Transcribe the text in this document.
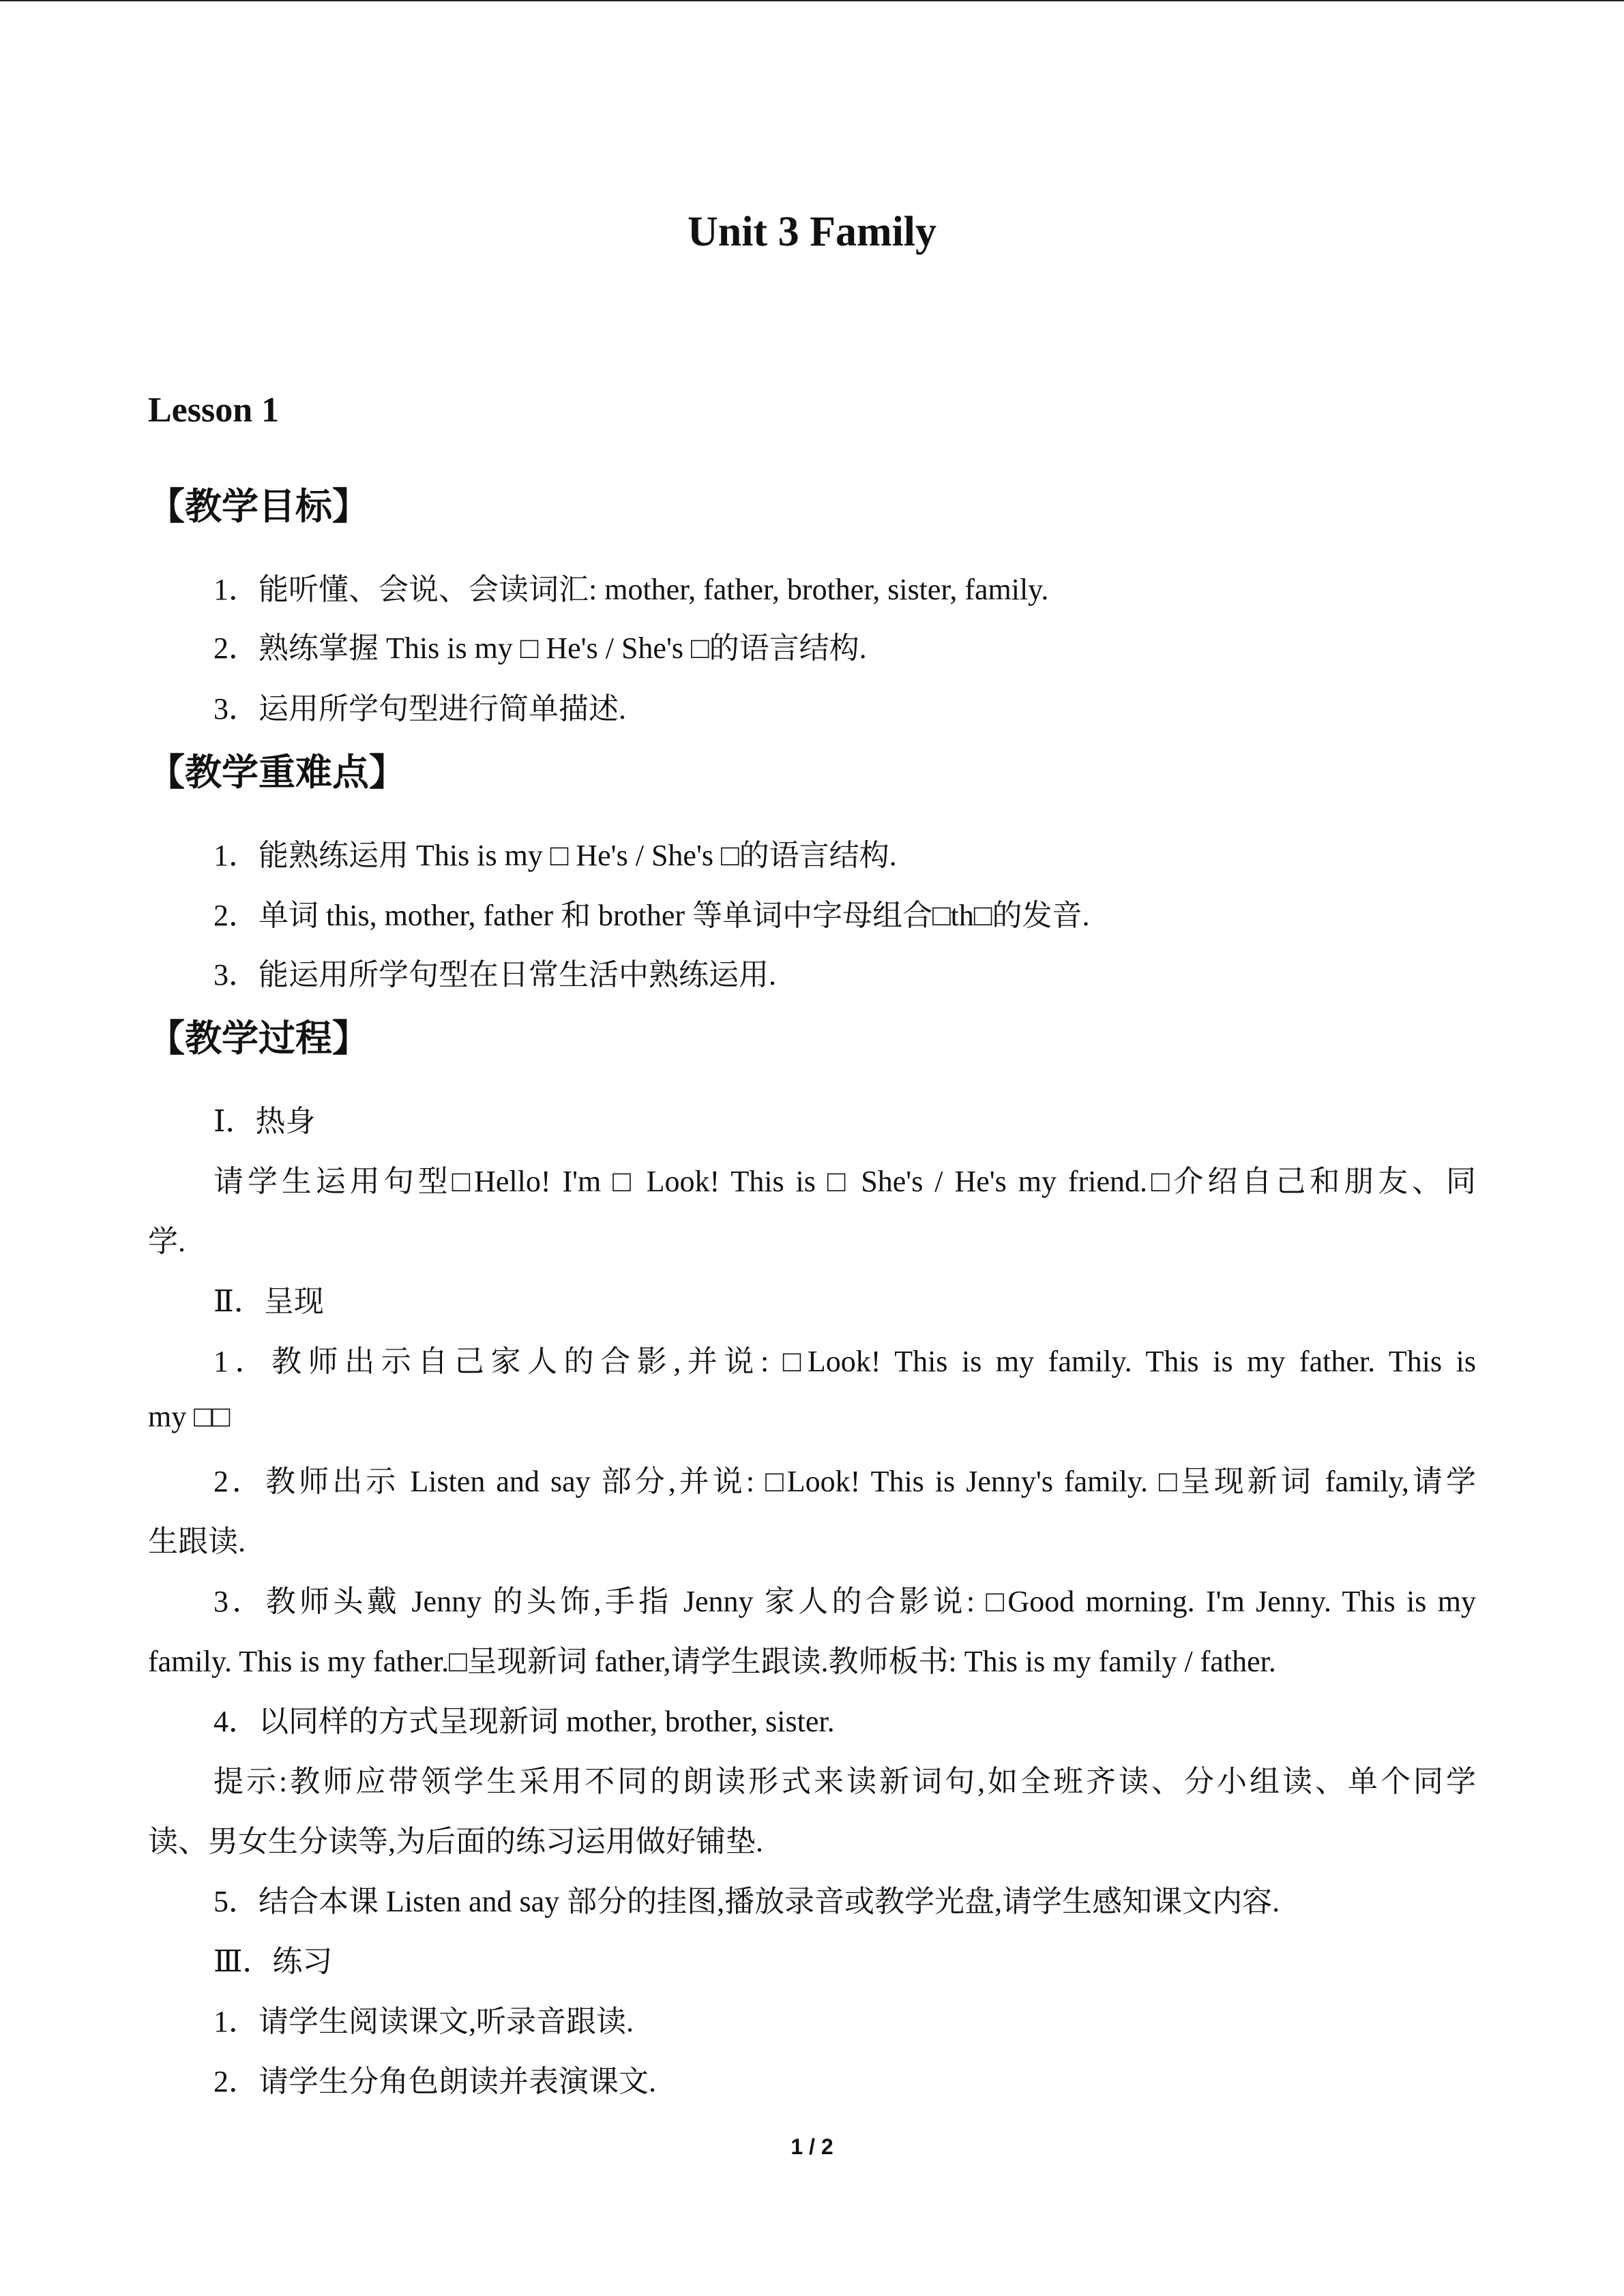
Unit 3 Family
Lesson 1
【教学目标】
1．能听懂、会说、会读词汇: mother, father, brother, sister, family.
2．熟练掌握 This is my □ He's / She's □的语言结构.
3．运用所学句型进行简单描述.
【教学重难点】
1．能熟练运用 This is my □ He's / She's □的语言结构.
2．单词 this, mother, father 和 brother 等单词中字母组合□th□的发音.
3．能运用所学句型在日常生活中熟练运用.
【教学过程】
Ⅰ．热身
请学生运用句型□Hello! I'm □ Look! This is □ She's / He's my friend.□介绍自己和朋友、同
学.
Ⅱ．呈现
1．教师出示自己家人的合影,并说: □Look! This is my family. This is my father. This is
my □□
2．教师出示 Listen and say 部分,并说: □Look! This is Jenny's family. □呈现新词 family,请学
生跟读.
3．教师头戴 Jenny 的头饰,手指 Jenny 家人的合影说: □Good morning. I'm Jenny. This is my
family. This is my father.□呈现新词 father,请学生跟读.教师板书: This is my family / father.
4．以同样的方式呈现新词 mother, brother, sister.
提示:教师应带领学生采用不同的朗读形式来读新词句,如全班齐读、分小组读、单个同学
读、男女生分读等,为后面的练习运用做好铺垫.
5．结合本课 Listen and say 部分的挂图,播放录音或教学光盘,请学生感知课文内容.
Ⅲ．练习
1．请学生阅读课文,听录音跟读.
2．请学生分角色朗读并表演课文.
1 / 2
